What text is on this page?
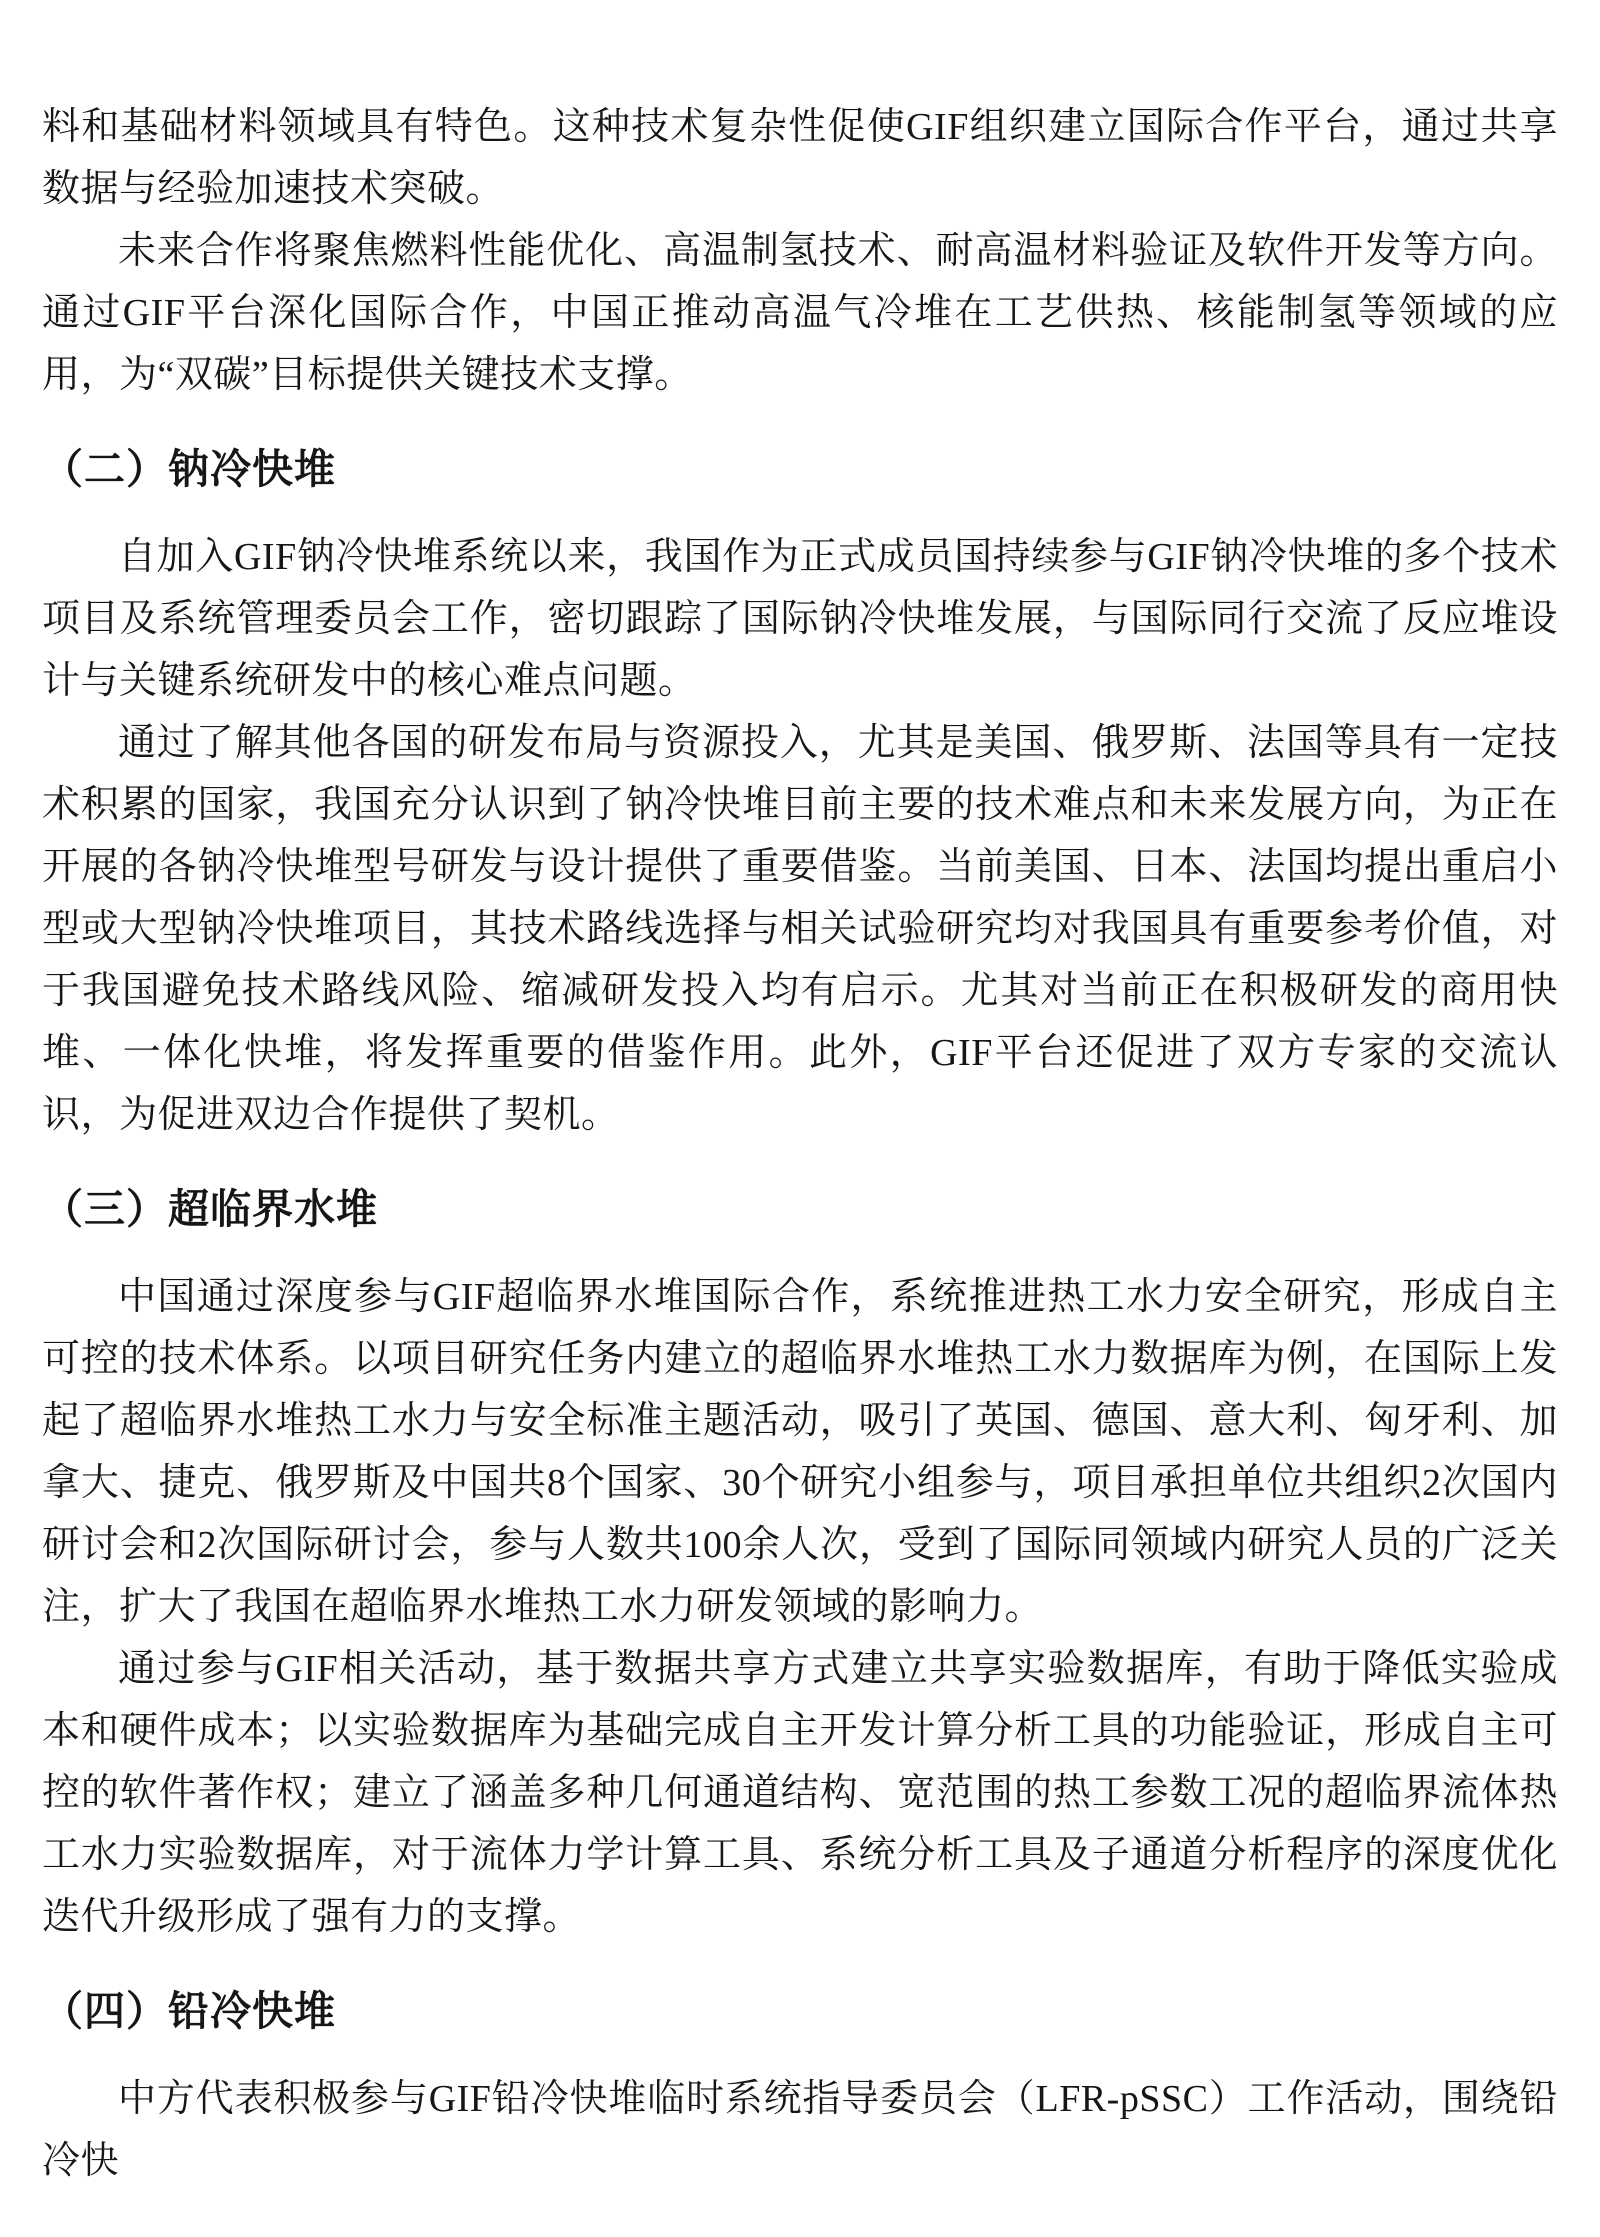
料和基础材料领域具有特色。这种技术复杂性促使GIF组织建立国际合作平台，通过共享数据与经验加速技术突破。

未来合作将聚焦燃料性能优化、高温制氢技术、耐高温材料验证及软件开发等方向。通过GIF平台深化国际合作，中国正推动高温气冷堆在工艺供热、核能制氢等领域的应用，为“双碳”目标提供关键技术支撑。

（二）钠冷快堆

自加入GIF钠冷快堆系统以来，我国作为正式成员国持续参与GIF钠冷快堆的多个技术项目及系统管理委员会工作，密切跟踪了国际钠冷快堆发展，与国际同行交流了反应堆设计与关键系统研发中的核心难点问题。

通过了解其他各国的研发布局与资源投入，尤其是美国、俄罗斯、法国等具有一定技术积累的国家，我国充分认识到了钠冷快堆目前主要的技术难点和未来发展方向，为正在开展的各钠冷快堆型号研发与设计提供了重要借鉴。当前美国、日本、法国均提出重启小型或大型钠冷快堆项目，其技术路线选择与相关试验研究均对我国具有重要参考价值，对于我国避免技术路线风险、缩减研发投入均有启示。尤其对当前正在积极研发的商用快堆、一体化快堆，将发挥重要的借鉴作用。此外，GIF平台还促进了双方专家的交流认识，为促进双边合作提供了契机。

（三）超临界水堆

中国通过深度参与GIF超临界水堆国际合作，系统推进热工水力安全研究，形成自主可控的技术体系。以项目研究任务内建立的超临界水堆热工水力数据库为例，在国际上发起了超临界水堆热工水力与安全标准主题活动，吸引了英国、德国、意大利、匈牙利、加拿大、捷克、俄罗斯及中国共8个国家、30个研究小组参与，项目承担单位共组织2次国内研讨会和2次国际研讨会，参与人数共100余人次，受到了国际同领域内研究人员的广泛关注，扩大了我国在超临界水堆热工水力研发领域的影响力。

通过参与GIF相关活动，基于数据共享方式建立共享实验数据库，有助于降低实验成本和硬件成本；以实验数据库为基础完成自主开发计算分析工具的功能验证，形成自主可控的软件著作权；建立了涵盖多种几何通道结构、宽范围的热工参数工况的超临界流体热工水力实验数据库，对于流体力学计算工具、系统分析工具及子通道分析程序的深度优化迭代升级形成了强有力的支撑。

（四）铅冷快堆

中方代表积极参与GIF铅冷快堆临时系统指导委员会（LFR-pSSC）工作活动，围绕铅冷快
